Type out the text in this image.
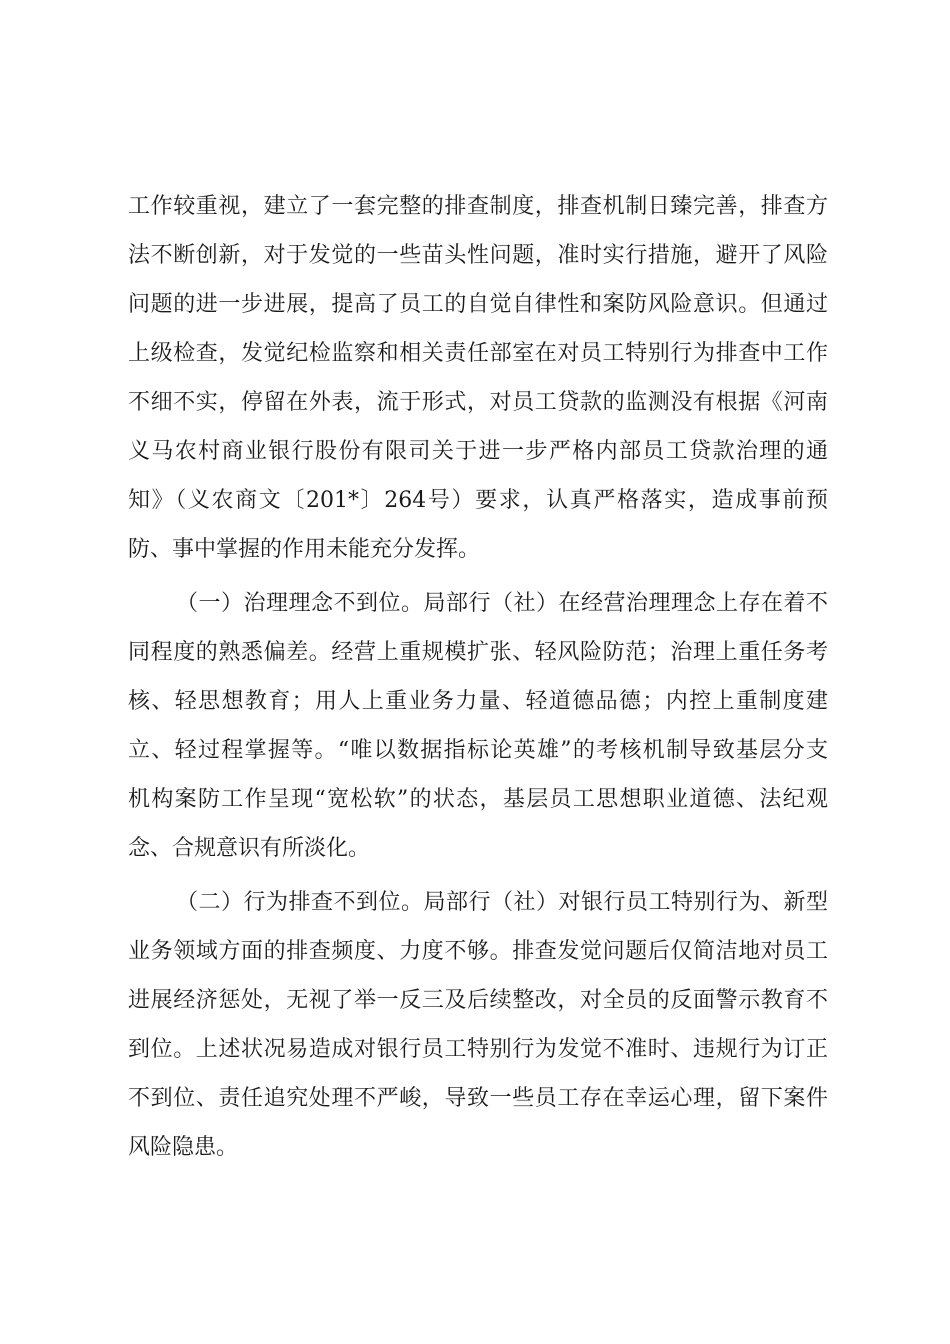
工作较重视，建立了一套完整的排查制度，排查机制日臻完善，排查方
法不断创新，对于发觉的一些苗头性问题，准时实行措施，避开了风险
问题的进一步进展，提高了员工的自觉自律性和案防风险意识。但通过
上级检查，发觉纪检监察和相关责任部室在对员工特别行为排查中工作
不细不实，停留在外表，流于形式，对员工贷款的监测没有根据《河南
义马农村商业银行股份有限司关于进一步严格内部员工贷款治理的通
知》（义农商文〔201*〕264号）要求，认真严格落实，造成事前预
防、事中掌握的作用未能充分发挥。
（一）治理理念不到位。局部行（社）在经营治理理念上存在着不
同程度的熟悉偏差。经营上重规模扩张、轻风险防范；治理上重任务考
核、轻思想教育；用人上重业务力量、轻道德品德；内控上重制度建
立、轻过程掌握等。“唯以数据指标论英雄”的考核机制导致基层分支
机构案防工作呈现“宽松软”的状态，基层员工思想职业道德、法纪观
念、合规意识有所淡化。
（二）行为排查不到位。局部行（社）对银行员工特别行为、新型
业务领域方面的排查频度、力度不够。排查发觉问题后仅简洁地对员工
进展经济惩处，无视了举一反三及后续整改，对全员的反面警示教育不
到位。上述状况易造成对银行员工特别行为发觉不准时、违规行为订正
不到位、责任追究处理不严峻，导致一些员工存在幸运心理，留下案件
风险隐患。
